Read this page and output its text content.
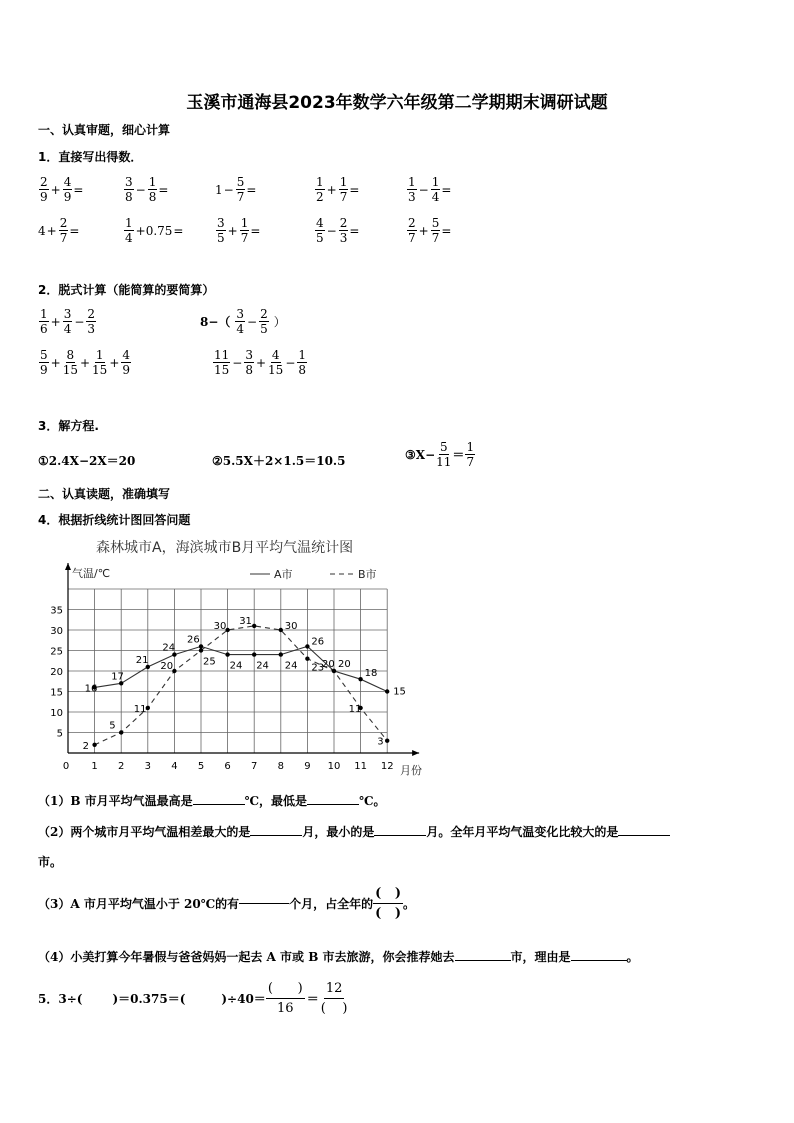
玉溪市通海县2023年数学六年级第二学期期末调研试题
一、认真审题，细心计算
1．直接写出得数．
$\frac{2}{9} + \frac{4}{9}$ =	$\frac{3}{8} - \frac{1}{8}$ =	$1 - \frac{5}{7}$ =	$\frac{1}{2} + \frac{1}{7}$ =	$\frac{1}{3} - \frac{1}{4}$ =
$4 + \frac{2}{7}$ =	$\frac{1}{4} +0.75$ =	$\frac{3}{5} + \frac{1}{7}$ =	$\frac{4}{5} - \frac{2}{3}$ =	$\frac{2}{7} + \frac{5}{7}$ =
2．脱式计算（能简算的要简算）
$\frac{1}{6} + \frac{3}{4} - \frac{2}{3}$	$8-( \frac{3}{4} - \frac{2}{5}$ ）
$\frac{5}{9} + \frac{8}{15} + \frac{1}{15} + \frac{4}{9}$	$\frac{11}{15} - \frac{3}{8} + \frac{4}{15} - \frac{1}{8}$
3．解方程.
①2.4X−2X＝20	②5.5X＋2×1.5＝10.5	③ $X- \frac{5}{11} = \frac{1}{7}$
二、认真读题，准确填写
4．根据折线统计图回答问题
森林城市A，海滨城市B月平均气温统计图
气温/℃
月份
A市	B市
1 2 3 4 5 6 7 8 9 10 11 12
0
5
10
15
20
25
30
35
16
17
21
24
26
24 24 24
26
20
18
15
2
5
11
20	25
30 31	30
23
20
11
3
（1）B 市月平均气温最高是	℃，最低是	℃。
（2）两个城市月平均气温相差最大的是	月，最小的是	月。全年月平均气温变化比较大的是
市。
（3）A 市月平均气温小于 20℃的有	个月，占全年的 $\frac{( )}{( )}$ 。
（4）小美打算今年暑假与爸爸妈妈一起去 A 市或 B 市去旅游，你会推荐她去	市，理由是	。
5．3÷(	)＝0.375＝(	)$\div 40= \frac{( )}{16} = \frac{12}{( )}$
